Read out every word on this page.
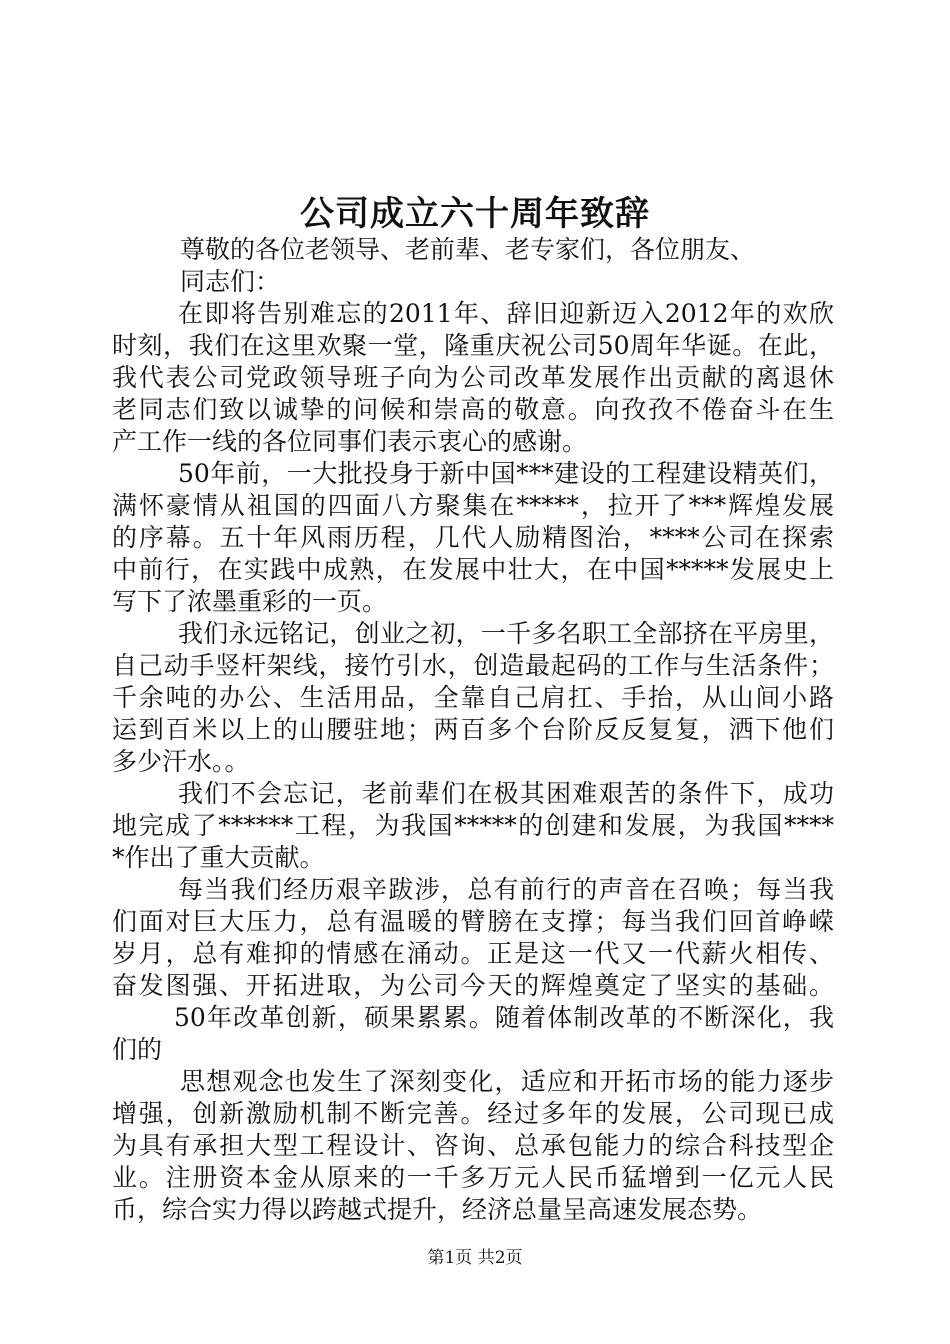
公司成立六十周年致辞
尊敬的各位老领导、老前辈、老专家们，各位朋友、
同志们：
在即将告别难忘的2011年、辞旧迎新迈入2012年的欢欣
时刻，我们在这里欢聚一堂，隆重庆祝公司50周年华诞。在此，
我代表公司党政领导班子向为公司改革发展作出贡献的离退休
老同志们致以诚挚的问候和崇高的敬意。向孜孜不倦奋斗在生
产工作一线的各位同事们表示衷心的感谢。
50年前，一大批投身于新中国***建设的工程建设精英们，
满怀豪情从祖国的四面八方聚集在*****，拉开了***辉煌发展
的序幕。五十年风雨历程，几代人励精图治，****公司在探索
中前行，在实践中成熟，在发展中壮大，在中国*****发展史上
写下了浓墨重彩的一页。
我们永远铭记，创业之初，一千多名职工全部挤在平房里，
自己动手竖杆架线，接竹引水，创造最起码的工作与生活条件；
千余吨的办公、生活用品，全靠自己肩扛、手抬，从山间小路
运到百米以上的山腰驻地；两百多个台阶反反复复，洒下他们
多少汗水。。
我们不会忘记，老前辈们在极其困难艰苦的条件下，成功
地完成了******工程，为我国*****的创建和发展，为我国****
*作出了重大贡献。
每当我们经历艰辛跋涉，总有前行的声音在召唤；每当我
们面对巨大压力，总有温暖的臂膀在支撑；每当我们回首峥嵘
岁月，总有难抑的情感在涌动。正是这一代又一代薪火相传、
奋发图强、开拓进取，为公司今天的辉煌奠定了坚实的基础。
50年改革创新，硕果累累。随着体制改革的不断深化，我
们的
思想观念也发生了深刻变化，适应和开拓市场的能力逐步
增强，创新激励机制不断完善。经过多年的发展，公司现已成
为具有承担大型工程设计、咨询、总承包能力的综合科技型企
业。注册资本金从原来的一千多万元人民币猛增到一亿元人民
币，综合实力得以跨越式提升，经济总量呈高速发展态势。
第1页 共2页
